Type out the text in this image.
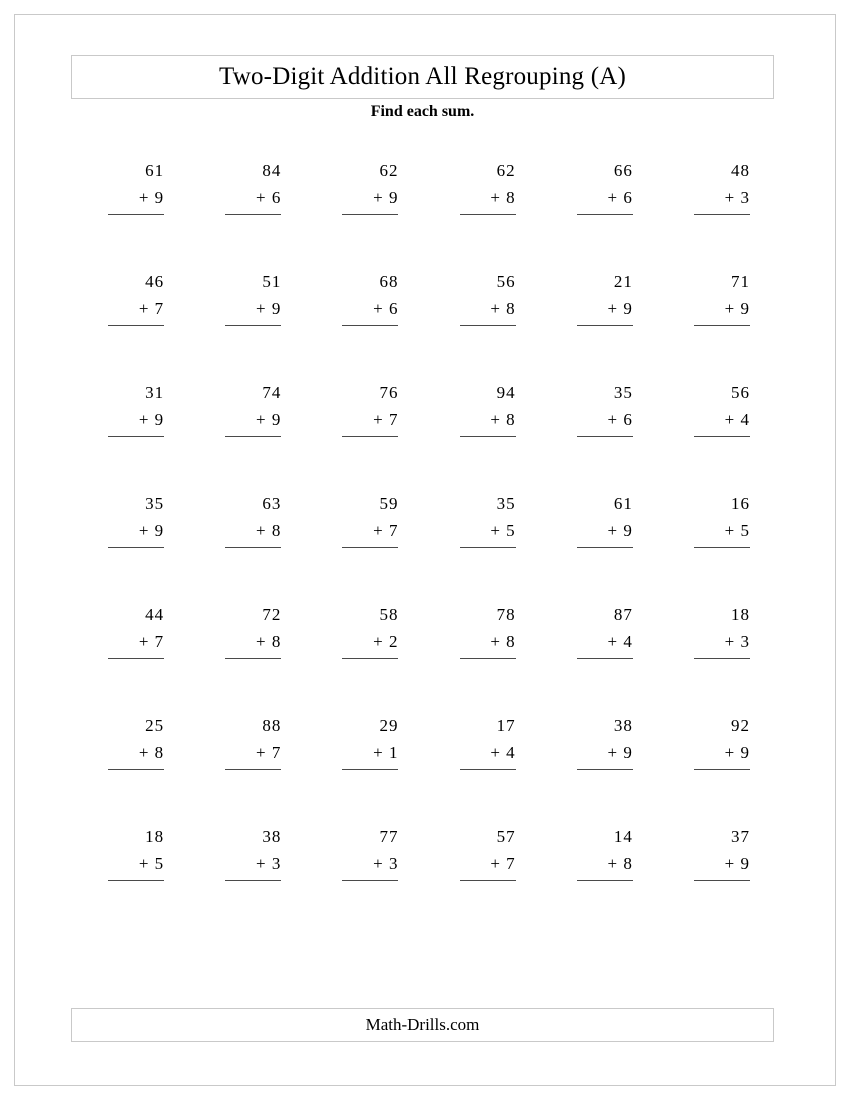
Two-Digit Addition All Regrouping (A)
Find each sum.
61
+ 9
84
+ 6
62
+ 9
62
+ 8
66
+ 6
48
+ 3
46
+ 7
51
+ 9
68
+ 6
56
+ 8
21
+ 9
71
+ 9
31
+ 9
74
+ 9
76
+ 7
94
+ 8
35
+ 6
56
+ 4
35
+ 9
63
+ 8
59
+ 7
35
+ 5
61
+ 9
16
+ 5
44
+ 7
72
+ 8
58
+ 2
78
+ 8
87
+ 4
18
+ 3
25
+ 8
88
+ 7
29
+ 1
17
+ 4
38
+ 9
92
+ 9
18
+ 5
38
+ 3
77
+ 3
57
+ 7
14
+ 8
37
+ 9
Math-Drills.com
